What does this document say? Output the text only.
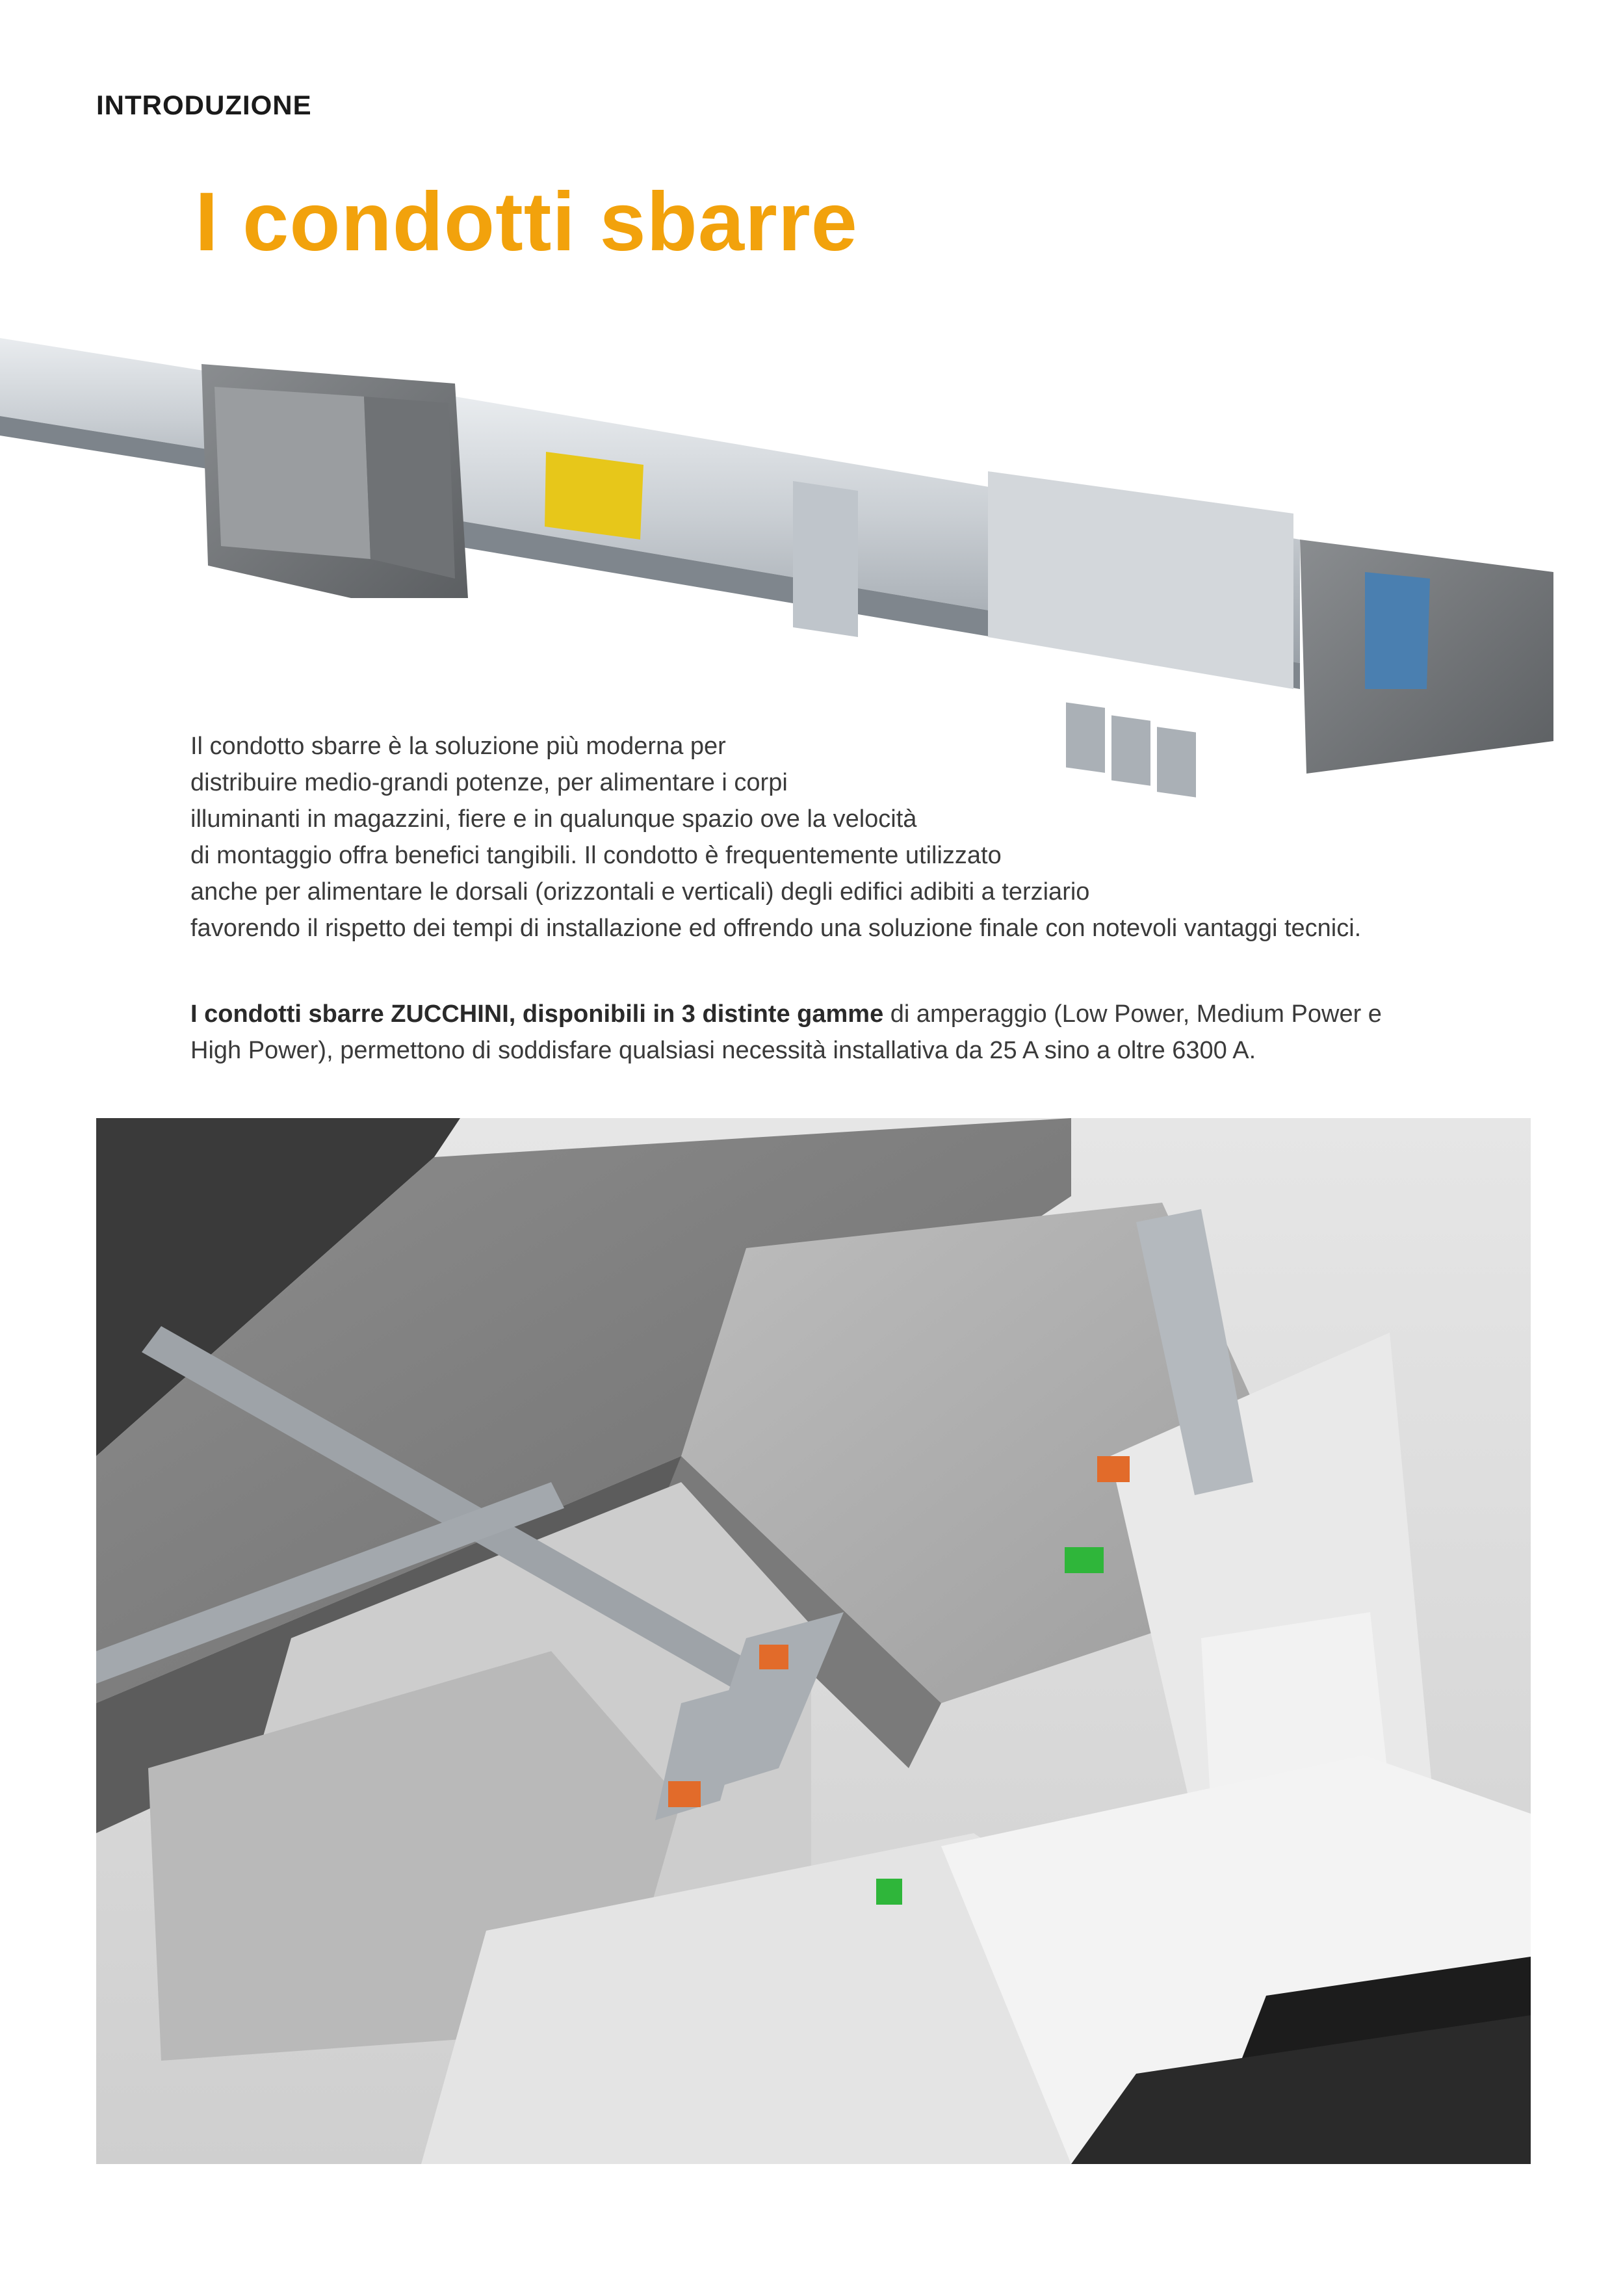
INTRODUZIONE
I condotti sbarre
Il condotto sbarre è la soluzione più moderna per
distribuire medio-grandi potenze, per alimentare i corpi
illuminanti in magazzini, fiere e in qualunque spazio ove la velocità
di montaggio offra benefici tangibili. Il condotto è frequentemente utilizzato
anche per alimentare le dorsali (orizzontali e verticali) degli edifici adibiti a terziario
favorendo il rispetto dei tempi di installazione ed offrendo una soluzione finale con notevoli vantaggi tecnici.
I condotti sbarre ZUCCHINI, disponibili in 3 distinte gamme di amperaggio (Low Power, Medium Power e
High Power), permettono di soddisfare qualsiasi necessità installativa da 25 A sino a oltre 6300 A.
